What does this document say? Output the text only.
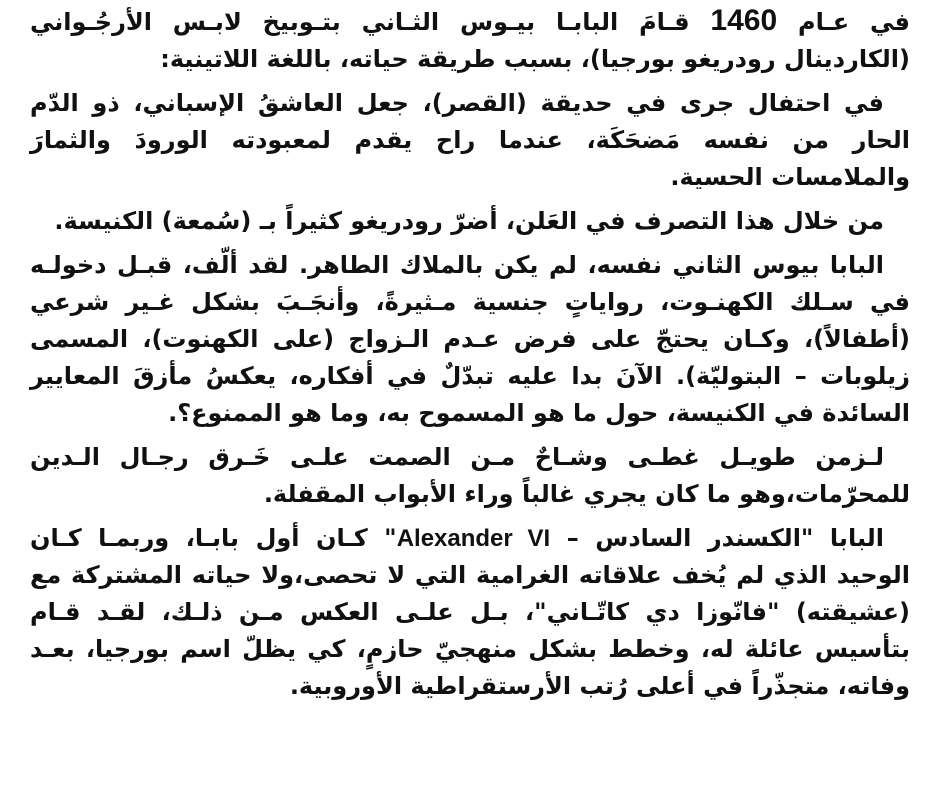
في عـام 1460 قـامَ البابـا بيـوس الثـاني بتـوبيخ لابـس الأرجُـواني (الكاردينال رودريغو بورجيا)، بسبب طريقة حياته، باللغة اللاتينية:

في احتفال جرى في حديقة (القصر)، جعل العاشقُ الإسباني، ذو الدّم الحار من نفسه مَضحَكَة، عندما راح يقدم لمعبودته الورودَ والثمارَ والملامسات الحسية.

من خلال هذا التصرف في العَلن، أضرّ رودريغو كثيراً بـ (سُمعة) الكنيسة.

البابا بيوس الثاني نفسه، لم يكن بالملاك الطاهر. لقد ألّف، قبـل دخولـه في سـلك الكهنـوت، رواياتٍ جنسية مـثيرةً، وأنجَـبَ بشكل غـير شرعي (أطفالاً)، وكـان يحتجّ على فرض عـدم الـزواج (على الكهنوت)، المسمى زيلوبات – البتوليّة). الآنَ بدا عليه تبدّلٌ في أفكاره، يعكسُ مأزقَ المعايير السائدة في الكنيسة، حول ما هو المسموح به، وما هو الممنوع؟.

لـزمن طويـل غطـى وشـاحٌ مـن الصمت علـى خَـرق رجـال الـدين للمحرّمات،وهو ما كان يجري غالباً وراء الأبواب المقفلة.

البابا "الكسندر السادس – Alexander VI" كـان أول بابـا، وربمـا كـان الوحيد الذي لم يُخف علاقاته الغرامية التي لا تحصى،ولا حياته المشتركة مع (عشيقته) "فانّوزا دي كاتّـاني"، بـل علـى العكس مـن ذلـك، لقـد قـام بتأسيس عائلة له، وخطط بشكل منهجيّ حازمٍ، كي يظلّ اسم بورجيا، بعـد وفاته، متجذّراً في أعلى رُتب الأرستقراطية الأوروبية.
